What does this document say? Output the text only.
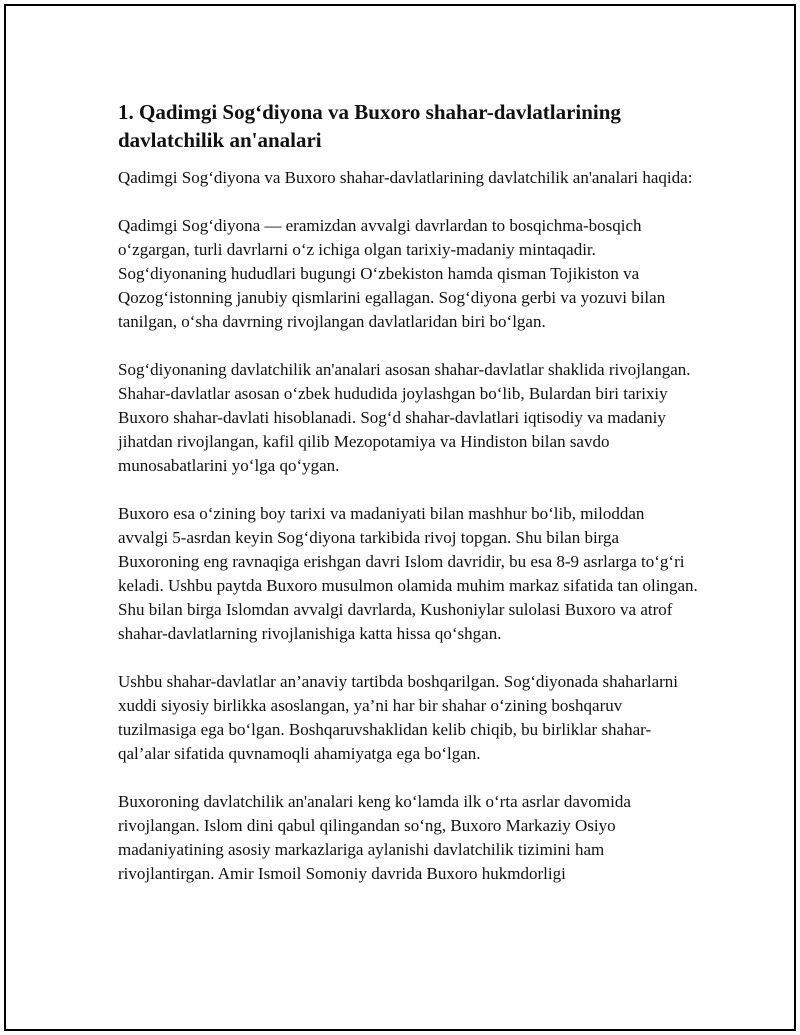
1. Qadimgi Sog‘diyona va Buxoro shahar-davlatlarining davlatchilik an'analari

Qadimgi Sog‘diyona va Buxoro shahar-davlatlarining davlatchilik an'analari haqida:

Qadimgi Sog‘diyona — eramizdan avvalgi davrlardan to bosqichma-bosqich o‘zgargan, turli davrlarni o‘z ichiga olgan tarixiy-madaniy mintaqadir. Sog‘diyonaning hududlari bugungi O‘zbekiston hamda qisman Tojikiston va Qozog‘istonning janubiy qismlarini egallagan. Sog‘diyona gerbi va yozuvi bilan tanilgan, o‘sha davrning rivojlangan davlatlaridan biri bo‘lgan.

Sog‘diyonaning davlatchilik an'analari asosan shahar-davlatlar shaklida rivojlangan. Shahar-davlatlar asosan o‘zbek hududida joylashgan bo‘lib, Bulardan biri tarixiy Buxoro shahar-davlati hisoblanadi. Sog‘d shahar-davlatlari iqtisodiy va madaniy jihatdan rivojlangan, kafil qilib Mezopotamiya va Hindiston bilan savdo munosabatlarini yo‘lga qo‘ygan.

Buxoro esa o‘zining boy tarixi va madaniyati bilan mashhur bo‘lib, miloddan avvalgi 5-asrdan keyin Sog‘diyona tarkibida rivoj topgan. Shu bilan birga Buxoroning eng ravnaqiga erishgan davri Islom davridir, bu esa 8-9 asrlarga to‘g‘ri keladi. Ushbu paytda Buxoro musulmon olamida muhim markaz sifatida tan olingan. Shu bilan birga Islomdan avvalgi davrlarda, Kushoniylar sulolasi Buxoro va atrof shahar-davlatlarning rivojlanishiga katta hissa qo‘shgan.

Ushbu shahar-davlatlar an’anaviy tartibda boshqarilgan. Sog‘diyonada shaharlarni xuddi siyosiy birlikka asoslangan, ya’ni har bir shahar o‘zining boshqaruv tuzilmasiga ega bo‘lgan. Boshqaruvshaklidan kelib chiqib, bu birliklar shahar-qal’alar sifatida quvnamoqli ahamiyatga ega bo‘lgan.

Buxoroning davlatchilik an'analari keng ko‘lamda ilk o‘rta asrlar davomida rivojlangan. Islom dini qabul qilingandan so‘ng, Buxoro Markaziy Osiyo madaniyatining asosiy markazlariga aylanishi davlatchilik tizimini ham rivojlantirgan. Amir Ismoil Somoniy davrida Buxoro hukmdorligi
